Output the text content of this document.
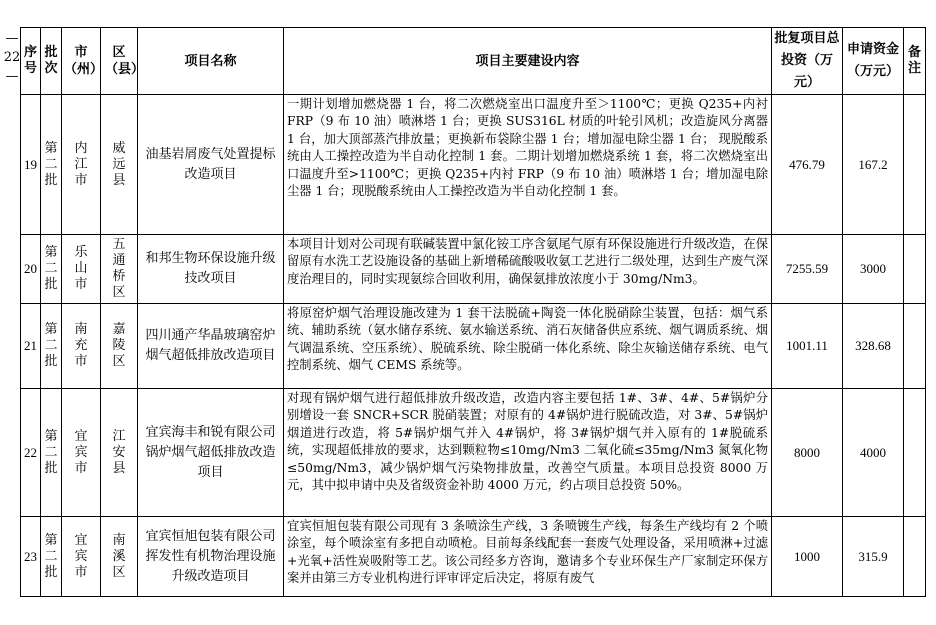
—
22
—
序号	批次	市（州）	区（县）	项目名称	项目主要建设内容	批复项目总投资（万元）	申请资金（万元）	备注
19	第二批	内江市	威远县	油基岩屑废气处置提标改造项目	一期计划增加燃烧器 1 台，将二次燃烧室出口温度升至＞1100℃；更换 Q235+内衬 FRP（9 布 10 油）喷淋塔 1 台；更换 SUS316L 材质的叶轮引风机；改造旋风分离器 1 台，加大顶部蒸汽排放量；更换新布袋除尘器 1 台；增加湿电除尘器 1 台； 现脱酸系统由人工操控改造为半自动化控制 1 套。二期计划增加燃烧系统 1 套，将二次燃烧室出口温度升至>1100℃；更换 Q235+内衬 FRP（9 布 10 油）喷淋塔 1 台；增加湿电除尘器 1 台；现脱酸系统由人工操控改造为半自动化控制 1 套。	476.79	167.2	
20	第二批	乐山市	五通桥区	和邦生物环保设施升级技改项目	本项目计划对公司现有联碱装置中氯化铵工序含氨尾气原有环保设施进行升级改造，在保留原有水洗工艺设施设备的基础上新增稀硫酸吸收氨工艺进行二级处理，达到生产废气深度治理目的，同时实现氨综合回收利用，确保氨排放浓度小于 30mg/Nm3。	7255.59	3000	
21	第二批	南充市	嘉陵区	四川通产华晶玻璃窑炉烟气超低排放改造项目	将原窑炉烟气治理设施改建为 1 套干法脱硫+陶瓷一体化脱硝除尘装置，包括：烟气系统、辅助系统（氨水储存系统、氨水输送系统、消石灰储备供应系统、烟气调质系统、烟气调温系统、空压系统）、脱硫系统、除尘脱硝一体化系统、除尘灰输送储存系统、电气控制系统、烟气 CEMS 系统等。	1001.11	328.68	
22	第二批	宜宾市	江安县	宜宾海丰和锐有限公司锅炉烟气超低排放改造项目	对现有锅炉烟气进行超低排放升级改造，改造内容主要包括 1#、3#、4#、5#锅炉分别增设一套 SNCR+SCR 脱硝装置；对原有的 4#锅炉进行脱硫改造，对 3#、5#锅炉烟道进行改造，将 5#锅炉烟气并入 4#锅炉，将 3#锅炉烟气并入原有的 1#脱硫系统，实现超低排放的要求，达到颗粒物≤10mg/Nm3 二氧化硫≤35mg/Nm3 氮氧化物≤50mg/Nm3，减少锅炉烟气污染物排放量，改善空气质量。本项目总投资 8000 万元，其中拟申请中央及省级资金补助 4000 万元，约占项目总投资 50%。	8000	4000	
23	第二批	宜宾市	南溪区	宜宾恒旭包装有限公司挥发性有机物治理设施升级改造项目	宜宾恒旭包装有限公司现有 3 条喷涂生产线，3 条喷镀生产线，每条生产线均有 2 个喷涂室，每个喷涂室有多把自动喷枪。目前每条线配套一套废气处理设备，采用喷淋+过滤+光氧+活性炭吸附等工艺。该公司经多方咨询，邀请多个专业环保生产厂家制定环保方案并由第三方专业机构进行评审评定后决定，将原有废气	1000	315.9	
